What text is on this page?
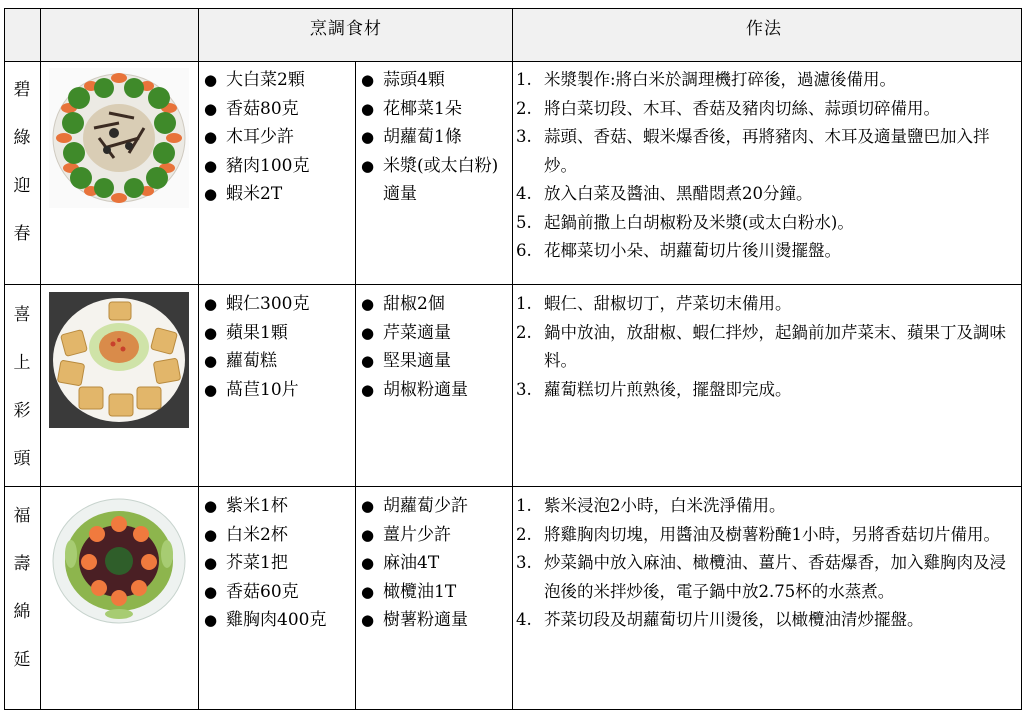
烹調食材	作法
碧
綠
迎
春
● 大白菜2顆
● 香菇80克
● 木耳少許
● 豬肉100克
● 蝦米2T
● 蒜頭4顆
● 花椰菜1朵
● 胡蘿蔔1條
● 米漿(或太白粉)適量
1. 米漿製作:將白米於調理機打碎後，過濾後備用。
2. 將白菜切段、木耳、香菇及豬肉切絲、蒜頭切碎備用。
3. 蒜頭、香菇、蝦米爆香後，再將豬肉、木耳及適量鹽巴加入拌炒。
4. 放入白菜及醬油、黑醋悶煮20分鐘。
5. 起鍋前撒上白胡椒粉及米漿(或太白粉水)。
6. 花椰菜切小朵、胡蘿蔔切片後川燙擺盤。
喜
上
彩
頭
● 蝦仁300克
● 蘋果1顆
● 蘿蔔糕
● 萵苣10片
● 甜椒2個
● 芹菜適量
● 堅果適量
● 胡椒粉適量
1. 蝦仁、甜椒切丁，芹菜切末備用。
2. 鍋中放油，放甜椒、蝦仁拌炒，起鍋前加芹菜末、蘋果丁及調味料。
3. 蘿蔔糕切片煎熟後，擺盤即完成。
福
壽
綿
延
● 紫米1杯
● 白米2杯
● 芥菜1把
● 香菇60克
● 雞胸肉400克
● 胡蘿蔔少許
● 薑片少許
● 麻油4T
● 橄欖油1T
● 樹薯粉適量
1. 紫米浸泡2小時，白米洗淨備用。
2. 將雞胸肉切塊，用醬油及樹薯粉醃1小時，另將香菇切片備用。
3. 炒菜鍋中放入麻油、橄欖油、薑片、香菇爆香，加入雞胸肉及浸泡後的米拌炒後，電子鍋中放2.75杯的水蒸煮。
4. 芥菜切段及胡蘿蔔切片川燙後，以橄欖油清炒擺盤。
